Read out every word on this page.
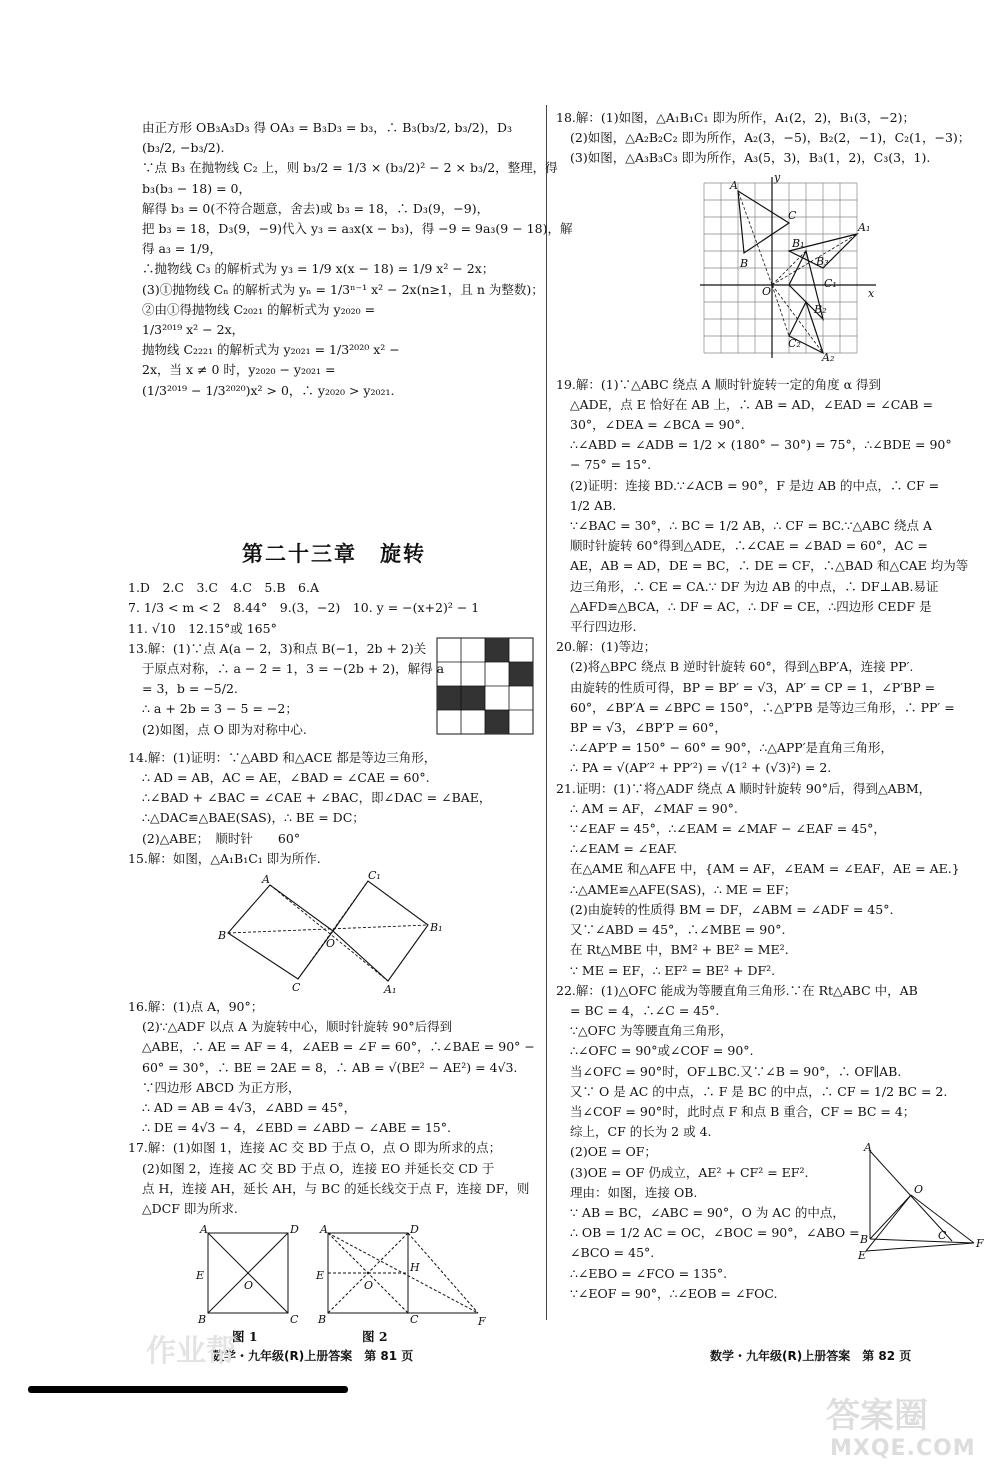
由正方形 OB₃A₃D₃ 得 OA₃ = B₃D₃ = b₃，∴ B₃(b₃/2, b₃/2)，D₃
(b₃/2, −b₃/2).
∵点 B₃ 在抛物线 C₂ 上，则 b₃/2 = 1/3 × (b₃/2)² − 2 × b₃/2，整理，得
b₃(b₃ − 18) = 0，
解得 b₃ = 0(不符合题意，舍去)或 b₃ = 18，∴ D₃(9，−9)，
把 b₃ = 18，D₃(9，−9)代入 y₃ = a₃x(x − b₃)，得 −9 = 9a₃(9 − 18)，解
得 a₃ = 1/9，
∴抛物线 C₃ 的解析式为 y₃ = 1/9 x(x − 18) = 1/9 x² − 2x；
(3)①抛物线 Cₙ 的解析式为 yₙ = 1/3ⁿ⁻¹ x² − 2x(n≥1，且 n 为整数)；
②由①得抛物线 C₂₀₂₁ 的解析式为 y₂₀₂₀ =
1/3²⁰¹⁹ x² − 2x，
抛物线 C₂₂₂₁ 的解析式为 y₂₀₂₁ = 1/3²⁰²⁰ x² −
2x，当 x ≠ 0 时，y₂₀₂₀ − y₂₀₂₁ =
(1/3²⁰¹⁹ − 1/3²⁰²⁰)x² > 0，∴ y₂₀₂₀ > y₂₀₂₁.
O
x
y
C₂₀₂₀
C₂₀₂₁
第二十三章　旋转
1.D　2.C　3.C　4.C　5.B　6.A
7. 1/3 < m < 2　8.44°　9.(3，−2)　10. y = −(x+2)² − 1
11. √10　12.15°或 165°
13.解：(1)∵点 A(a − 2，3)和点 B(−1，2b + 2)关
于原点对称，∴ a − 2 = 1，3 = −(2b + 2)，解得 a
= 3，b = −5/2.
∴ a + 2b = 3 − 5 = −2；
(2)如图，点 O 即为对称中心.
O
14.解：(1)证明：∵△ABD 和△ACE 都是等边三角形，
∴ AD = AB，AC = AE，∠BAD = ∠CAE = 60°.
∴∠BAD + ∠BAC = ∠CAE + ∠BAC，即∠DAC = ∠BAE，
∴△DAC≌△BAE(SAS)，∴ BE = DC；
(2)△ABE；　顺时针　　60°
15.解：如图，△A₁B₁C₁ 即为所作.
A
B
C
O
C₁
B₁
A₁
16.解：(1)点 A，90°；
(2)∵△ADF 以点 A 为旋转中心，顺时针旋转 90°后得到
△ABE，∴ AE = AF = 4，∠AEB = ∠F = 60°，∴∠BAE = 90° −
60° = 30°，∴ BE = 2AE = 8，∴ AB = √(BE² − AE²) = 4√3.
∵四边形 ABCD 为正方形，
∴ AD = AB = 4√3，∠ABD = 45°，
∴ DE = 4√3 − 4，∠EBD = ∠ABD − ∠ABE = 15°.
17.解：(1)如图 1，连接 AC 交 BD 于点 O，点 O 即为所求的点；
(2)如图 2，连接 AC 交 BD 于点 O，连接 EO 并延长交 CD 于
点 H，连接 AH，延长 AH，与 BC 的延长线交于点 F，连接 DF，则
△DCF 即为所求.
A	D
E
O
B	C
A	D
E
H
O
B	C	F
图 1	图 2
18.解：(1)如图，△A₁B₁C₁ 即为所作，A₁(2，2)，B₁(3，−2)；
(2)如图，△A₂B₂C₂ 即为所作，A₂(3，−5)，B₂(2，−1)，C₂(1，−3)；
(3)如图，△A₃B₃C₃ 即为所作，A₃(5，3)，B₃(1，2)，C₃(3，1).
A
y
x
O
B
C
A₁
B₃
B₁
C₁
B₂
C₂
A₂
19.解：(1)∵△ABC 绕点 A 顺时针旋转一定的角度 α 得到
△ADE，点 E 恰好在 AB 上，∴ AB = AD，∠EAD = ∠CAB =
30°，∠DEA = ∠BCA = 90°.
∴∠ABD = ∠ADB = 1/2 × (180° − 30°) = 75°，∴∠BDE = 90°
− 75° = 15°.
(2)证明：连接 BD.∵∠ACB = 90°，F 是边 AB 的中点，∴ CF =
1/2 AB.
∵∠BAC = 30°，∴ BC = 1/2 AB，∴ CF = BC.∵△ABC 绕点 A
顺时针旋转 60°得到△ADE，∴∠CAE = ∠BAD = 60°，AC =
AE，AB = AD，DE = BC，∴ DE = CF，∴△BAD 和△CAE 均为等
边三角形，∴ CE = CA.∵ DF 为边 AB 的中点，∴ DF⊥AB.易证
△AFD≌△BCA，∴ DF = AC，∴ DF = CE，∴四边形 CEDF 是
平行四边形.
20.解：(1)等边；
(2)将△BPC 绕点 B 逆时针旋转 60°，得到△BP′A，连接 PP′.
由旋转的性质可得，BP = BP′ = √3，AP′ = CP = 1，∠P′BP =
60°，∠BP′A = ∠BPC = 150°，∴△P′PB 是等边三角形，∴ PP′ =
BP = √3，∠BP′P = 60°，
∴∠AP′P = 150° − 60° = 90°，∴△APP′是直角三角形，
∴ PA = √(AP′² + PP′²) = √(1² + (√3)²) = 2.
21.证明：(1)∵将△ADF 绕点 A 顺时针旋转 90°后，得到△ABM，
∴ AM = AF，∠MAF = 90°.
∵∠EAF = 45°，∴∠EAM = ∠MAF − ∠EAF = 45°，
∴∠EAM = ∠EAF.
在△AME 和△AFE 中，{AM = AF，∠EAM = ∠EAF，AE = AE.}
∴△AME≌△AFE(SAS)，∴ ME = EF；
(2)由旋转的性质得 BM = DF，∠ABM = ∠ADF = 45°.
又∵∠ABD = 45°，∴∠MBE = 90°.
在 Rt△MBE 中，BM² + BE² = ME².
∵ ME = EF，∴ EF² = BE² + DF².
22.解：(1)△OFC 能成为等腰直角三角形.∵在 Rt△ABC 中，AB
= BC = 4，∴∠C = 45°.
∵△OFC 为等腰直角三角形，
∴∠OFC = 90°或∠COF = 90°.
当∠OFC = 90°时，OF⊥BC.又∵∠B = 90°，∴ OF∥AB.
又∵ O 是 AC 的中点，∴ F 是 BC 的中点，∴ CF = 1/2 BC = 2.
当∠COF = 90°时，此时点 F 和点 B 重合，CF = BC = 4；
综上，CF 的长为 2 或 4.
(2)OE = OF；
(3)OE = OF 仍成立，AE² + CF² = EF².
理由：如图，连接 OB.
∵ AB = BC，∠ABC = 90°，O 为 AC 的中点，
∴ OB = 1/2 AC = OC，∠BOC = 90°，∠ABO =
∠BCO = 45°.
∴∠EBO = ∠FCO = 135°.
∵∠EOF = 90°，∴∠EOB = ∠FOC.
A
O
B	C
F
E
数学・九年级(R)上册答案　第 81 页	数学・九年级(R)上册答案　第 82 页
作业帮
答案圈
MXQE.COM
